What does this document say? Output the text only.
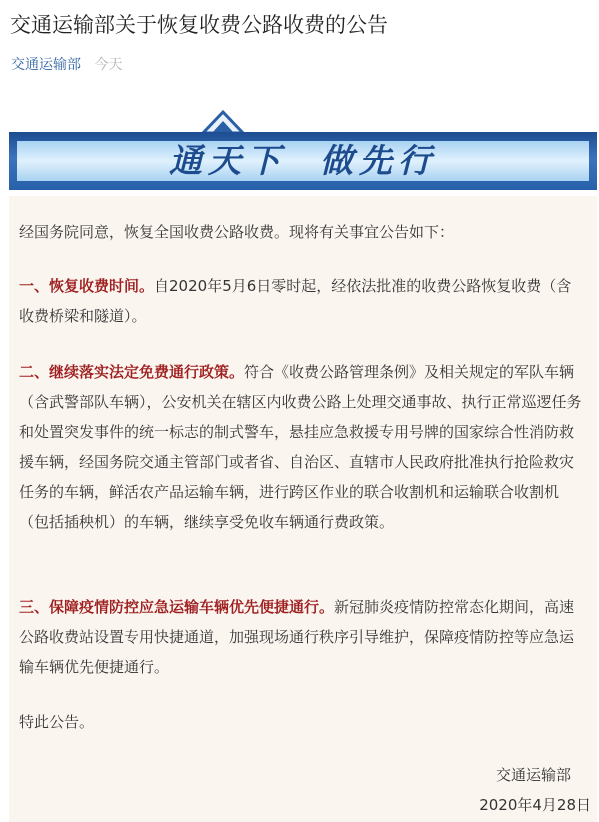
交通运输部关于恢复收费公路收费的公告
交通运输部 今天
通天下 做先行

经国务院同意，恢复全国收费公路收费。现将有关事宜公告如下：

一、恢复收费时间。自2020年5月6日零时起，经依法批准的收费公路恢复收费（含收费桥梁和隧道）。

二、继续落实法定免费通行政策。符合《收费公路管理条例》及相关规定的军队车辆（含武警部队车辆），公安机关在辖区内收费公路上处理交通事故、执行正常巡逻任务和处置突发事件的统一标志的制式警车，悬挂应急救援专用号牌的国家综合性消防救援车辆，经国务院交通主管部门或者省、自治区、直辖市人民政府批准执行抢险救灾任务的车辆，鲜活农产品运输车辆，进行跨区作业的联合收割机和运输联合收割机（包括插秧机）的车辆，继续享受免收车辆通行费政策。

三、保障疫情防控应急运输车辆优先便捷通行。新冠肺炎疫情防控常态化期间，高速公路收费站设置专用快捷通道，加强现场通行秩序引导维护，保障疫情防控等应急运输车辆优先便捷通行。

特此公告。

交通运输部
2020年4月28日
